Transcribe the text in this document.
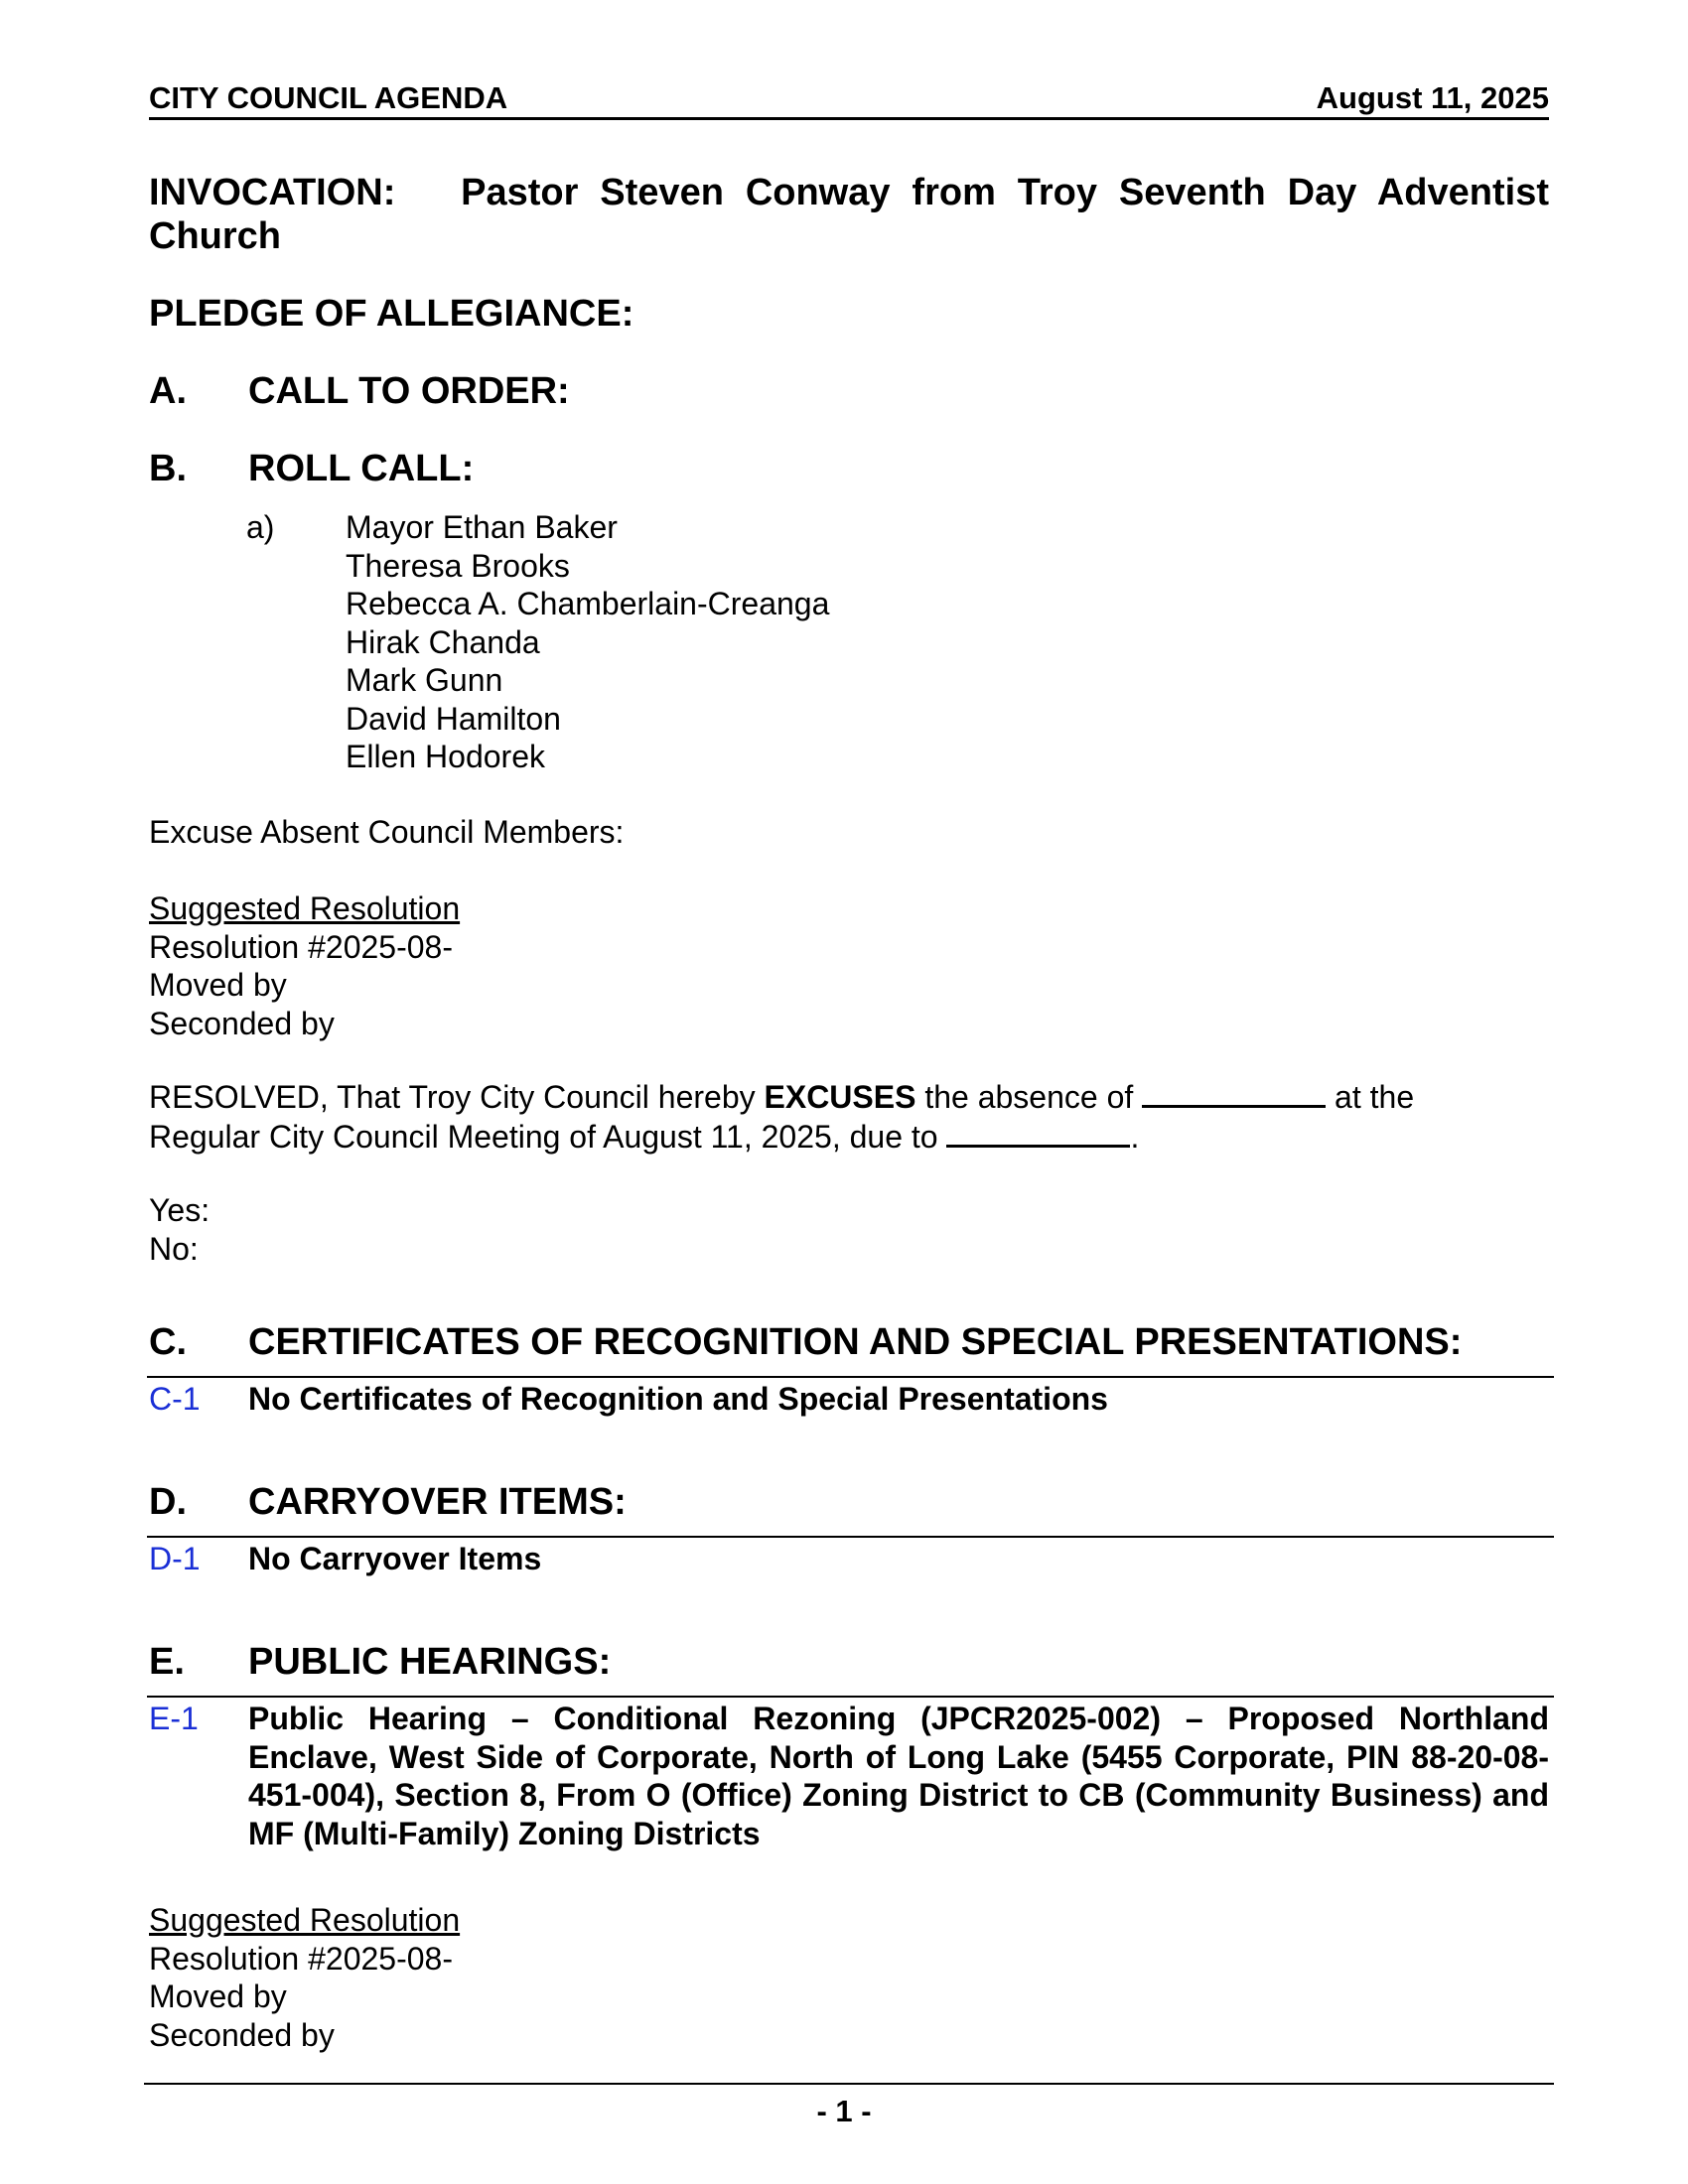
CITY COUNCIL AGENDA	August 11, 2025
INVOCATION: Pastor Steven Conway from Troy Seventh Day Adventist Church
PLEDGE OF ALLEGIANCE:
A. CALL TO ORDER:
B. ROLL CALL:
a) Mayor Ethan Baker
Theresa Brooks
Rebecca A. Chamberlain-Creanga
Hirak Chanda
Mark Gunn
David Hamilton
Ellen Hodorek
Excuse Absent Council Members:
Suggested Resolution
Resolution #2025-08-
Moved by
Seconded by
RESOLVED, That Troy City Council hereby EXCUSES the absence of	at the
Regular City Council Meeting of August 11, 2025, due to	.
Yes:
No:
C. CERTIFICATES OF RECOGNITION AND SPECIAL PRESENTATIONS:
C-1 No Certificates of Recognition and Special Presentations
D. CARRYOVER ITEMS:
D-1 No Carryover Items
E. PUBLIC HEARINGS:
E-1 Public Hearing – Conditional Rezoning (JPCR2025-002) – Proposed Northland Enclave, West Side of Corporate, North of Long Lake (5455 Corporate, PIN 88-20-08-451-004), Section 8, From O (Office) Zoning District to CB (Community Business) and MF (Multi-Family) Zoning Districts
Suggested Resolution
Resolution #2025-08-
Moved by
Seconded by
- 1 -
